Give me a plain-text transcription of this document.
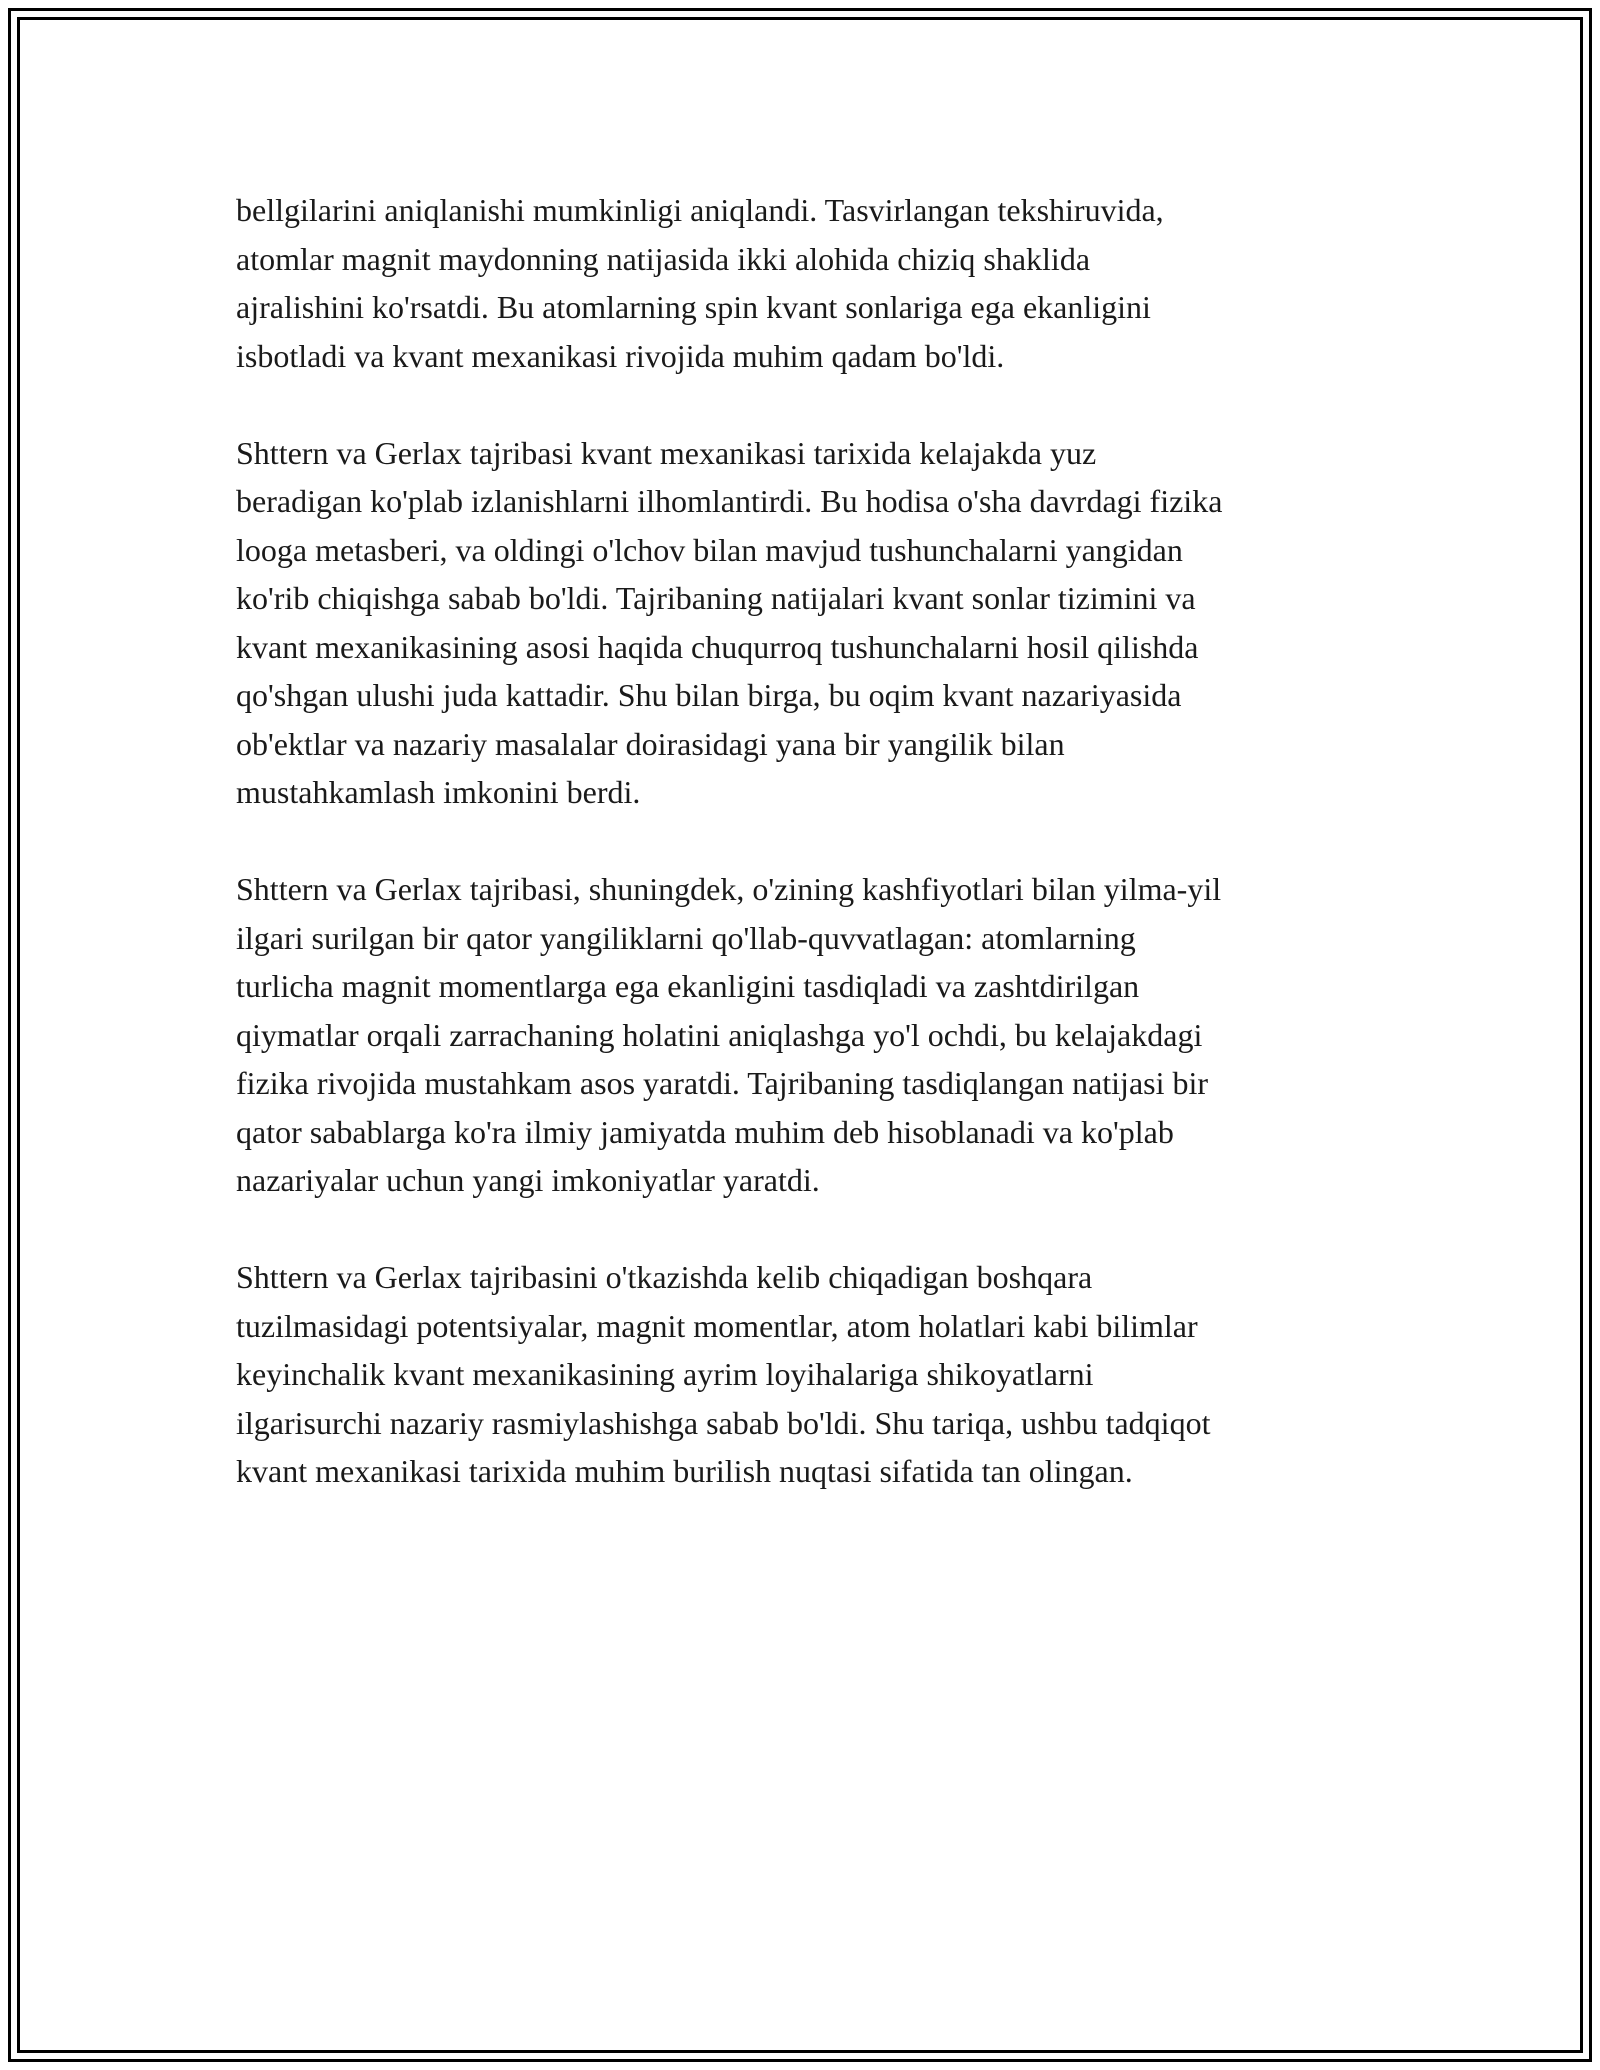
bellgilarini aniqlanishi mumkinligi aniqlandi. Tasvirlangan tekshiruvida,
atomlar magnit maydonning natijasida ikki alohida chiziq shaklida
ajralishini ko'rsatdi. Bu atomlarning spin kvant sonlariga ega ekanligini
isbotladi va kvant mexanikasi rivojida muhim qadam bo'ldi.

Shttern va Gerlax tajribasi kvant mexanikasi tarixida kelajakda yuz
beradigan ko'plab izlanishlarni ilhomlantirdi. Bu hodisa o'sha davrdagi fizika
looga metasberi, va oldingi o'lchov bilan mavjud tushunchalarni yangidan
ko'rib chiqishga sabab bo'ldi. Tajribaning natijalari kvant sonlar tizimini va
kvant mexanikasining asosi haqida chuqurroq tushunchalarni hosil qilishda
qo'shgan ulushi juda kattadir. Shu bilan birga, bu oqim kvant nazariyasida
ob'ektlar va nazariy masalalar doirasidagi yana bir yangilik bilan
mustahkamlash imkonini berdi.

Shttern va Gerlax tajribasi, shuningdek, o'zining kashfiyotlari bilan yilma-yil
ilgari surilgan bir qator yangiliklarni qo'llab-quvvatlagan: atomlarning
turlicha magnit momentlarga ega ekanligini tasdiqladi va zashtdirilgan
qiymatlar orqali zarrachaning holatini aniqlashga yo'l ochdi, bu kelajakdagi
fizika rivojida mustahkam asos yaratdi. Tajribaning tasdiqlangan natijasi bir
qator sabablarga ko'ra ilmiy jamiyatda muhim deb hisoblanadi va ko'plab
nazariyalar uchun yangi imkoniyatlar yaratdi.

Shttern va Gerlax tajribasini o'tkazishda kelib chiqadigan boshqara
tuzilmasidagi potentsiyalar, magnit momentlar, atom holatlari kabi bilimlar
keyinchalik kvant mexanikasining ayrim loyihalariga shikoyatlarni
ilgarisurchi nazariy rasmiylashishga sabab bo'ldi. Shu tariqa, ushbu tadqiqot
kvant mexanikasi tarixida muhim burilish nuqtasi sifatida tan olingan.
